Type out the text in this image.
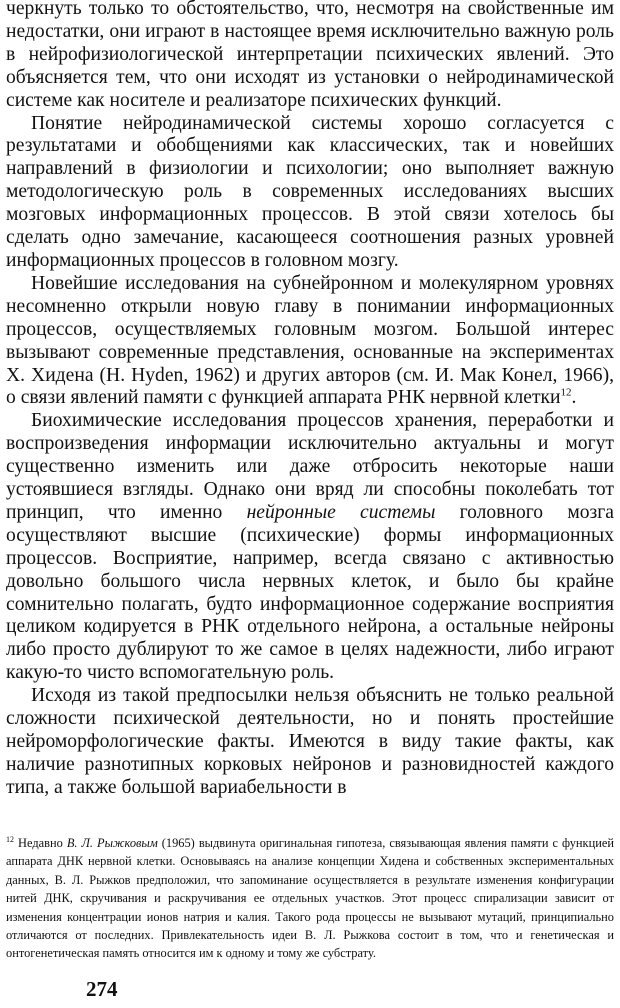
черкнуть только то обстоятельство, что, несмотря на свойственные им недостатки, они играют в настоящее время исключительно важную роль в нейрофизиологической интерпретации психических явлений. Это объясняется тем, что они исходят из установки о нейродинамической системе как носителе и реализаторе психических функций.

Понятие нейродинамической системы хорошо согласуется с результатами и обобщениями как классических, так и новейших направлений в физиологии и психологии; оно выполняет важную методологическую роль в современных исследованиях высших мозговых информационных процессов. В этой связи хотелось бы сделать одно замечание, касающееся соотношения разных уровней информационных процессов в головном мозгу.

Новейшие исследования на субнейронном и молекулярном уровнях несомненно открыли новую главу в понимании информационных процессов, осуществляемых головным мозгом. Большой интерес вызывают современные представления, основанные на экспериментах Х. Хидена (H. Hyden, 1962) и других авторов (см. И. Мак Конел, 1966), о связи явлений памяти с функцией аппарата РНК нервной клетки$^{12}$.

Биохимические исследования процессов хранения, переработки и воспроизведения информации исключительно актуальны и могут существенно изменить или даже отбросить некоторые наши устоявшиеся взгляды. Однако они вряд ли способны поколебать тот принцип, что именно нейронные системы головного мозга осуществляют высшие (психические) формы информационных процессов. Восприятие, например, всегда связано с активностью довольно большого числа нервных клеток, и было бы крайне сомнительно полагать, будто информационное содержание восприятия целиком кодируется в РНК отдельного нейрона, а остальные нейроны либо просто дублируют то же самое в целях надежности, либо играют какую-то чисто вспомогательную роль.

Исходя из такой предпосылки нельзя объяснить не только реальной сложности психической деятельности, но и понять простейшие нейроморфологические факты. Имеются в виду такие факты, как наличие разнотипных корковых нейронов и разновидностей каждого типа, а также большой вариабельности в

$^{12}$ Недавно В. Л. Рыжковым (1965) выдвинута оригинальная гипотеза, связывающая явления памяти с функцией аппарата ДНК нервной клетки. Основываясь на анализе концепции Хидена и собственных экспериментальных данных, В. Л. Рыжков предположил, что запоминание осуществляется в результате изменения конфигурации нитей ДНК, скручивания и раскручивания ее отдельных участков. Этот процесс спирализации зависит от изменения концентрации ионов натрия и калия. Такого рода процессы не вызывают мутаций, принципиально отличаются от последних. Привлекательность идеи В. Л. Рыжкова состоит в том, что и генетическая и онтогенетическая память относится им к одному и тому же субстрату.

274
